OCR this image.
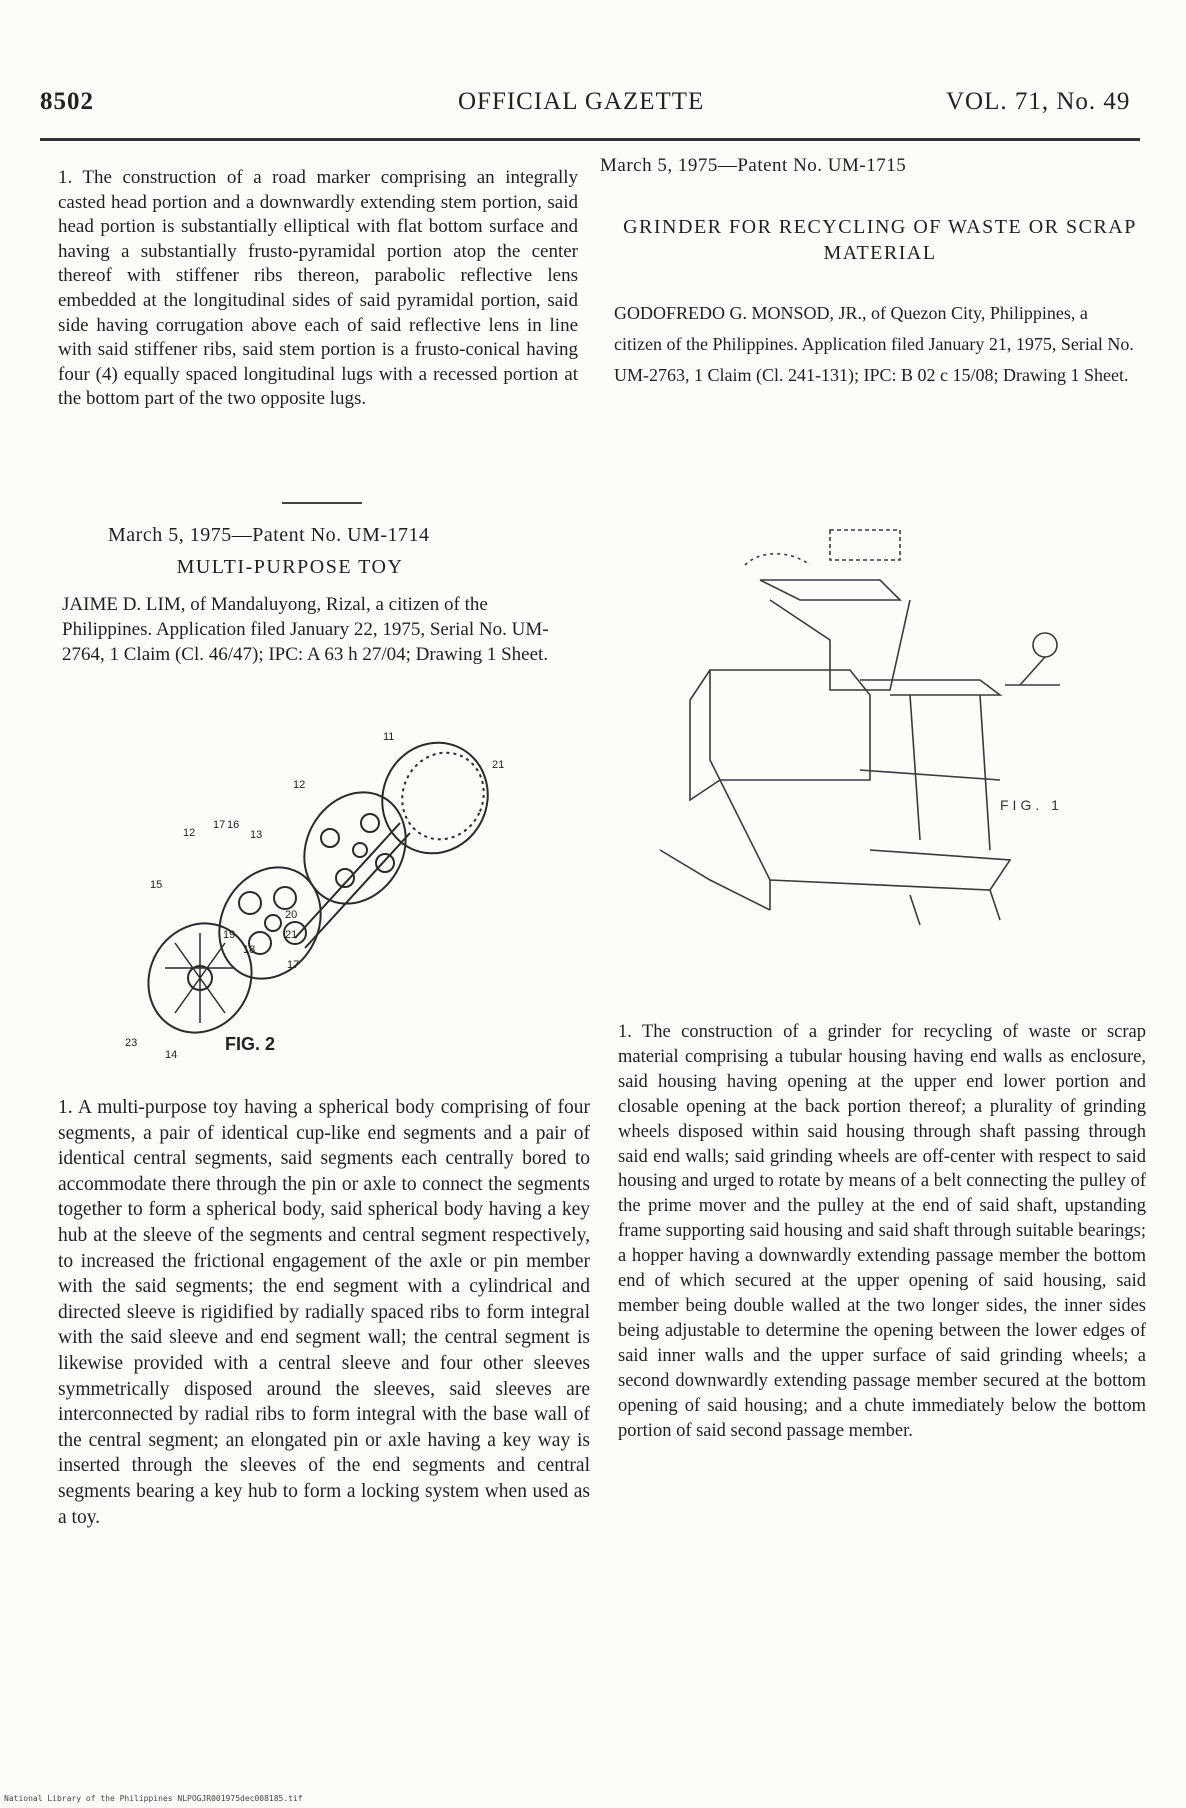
8502	OFFICIAL GAZETTE	VOL. 71, No. 49

1. The construction of a road marker comprising an integrally casted head portion and a downwardly extending stem portion, said head portion is substantially elliptical with flat bottom surface and having a substantially frusto-pyramidal portion atop the center thereof with stiffener ribs thereon, parabolic reflective lens embedded at the longitudinal sides of said pyramidal portion, said side having corrugation above each of said reflective lens in line with said stiffener ribs, said stem portion is a frusto-conical having four (4) equally spaced longitudinal lugs with a recessed portion at the bottom part of the two opposite lugs.

March 5, 1975—Patent No. UM-1714
MULTI-PURPOSE TOY
JAIME D. LIM, of Mandaluyong, Rizal, a citizen of the Philippines. Application filed January 22, 1975, Serial No. UM-2764, 1 Claim (Cl. 46/47); IPC: A 63 h 27/04; Drawing 1 Sheet.
11
21
12
17 16
13
12
20
21
15
19
18
17
23
14
FIG. 2

1. A multi-purpose toy having a spherical body comprising of four segments, a pair of identical cup-like end segments and a pair of identical central segments, said segments each centrally bored to accommodate there through the pin or axle to connect the segments together to form a spherical body, said spherical body having a key hub at the sleeve of the segments and central segment respectively, to increased the frictional engagement of the axle or pin member with the said segments; the end segment with a cylindrical and directed sleeve is rigidified by radially spaced ribs to form integral with the said sleeve and end segment wall; the central segment is likewise provided with a central sleeve and four other sleeves symmetrically disposed around the sleeves, said sleeves are interconnected by radial ribs to form integral with the base wall of the central segment; an elongated pin or axle having a key way is inserted through the sleeves of the end segments and central segments bearing a key hub to form a locking system when used as a toy.

March 5, 1975—Patent No. UM-1715
GRINDER FOR RECYCLING OF WASTE OR SCRAP MATERIAL
GODOFREDO G. MONSOD, JR., of Quezon City, Philippines, a citizen of the Philippines. Application filed January 21, 1975, Serial No. UM-2763, 1 Claim (Cl. 241-131); IPC: B 02 c 15/08; Drawing 1 Sheet.
FIG. 1

1. The construction of a grinder for recycling of waste or scrap material comprising a tubular housing having end walls as enclosure, said housing having opening at the upper end lower portion and closable opening at the back portion thereof; a plurality of grinding wheels disposed within said housing through shaft passing through said end walls; said grinding wheels are off-center with respect to said housing and urged to rotate by means of a belt connecting the pulley of the prime mover and the pulley at the end of said shaft, upstanding frame supporting said housing and said shaft through suitable bearings; a hopper having a downwardly extending passage member the bottom end of which secured at the upper opening of said housing, said member being double walled at the two longer sides, the inner sides being adjustable to determine the opening between the lower edges of said inner walls and the upper surface of said grinding wheels; a second downwardly extending passage member secured at the bottom opening of said housing; and a chute immediately below the bottom portion of said second passage member.

National Library of the Philippines NLPOGJR001975dec008185.tif
